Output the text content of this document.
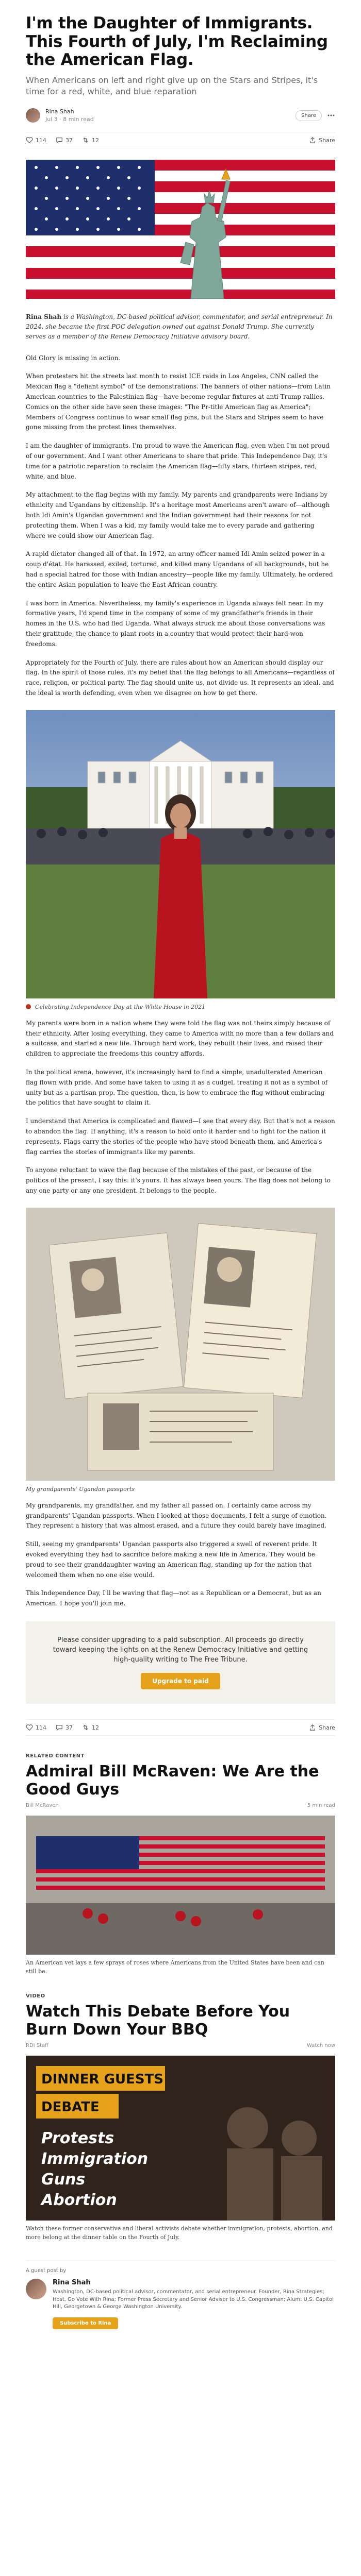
I'm the Daughter of Immigrants. This Fourth of July, I'm Reclaiming the American Flag.
When Americans on left and right give up on the Stars and Stripes, it's time for a red, white, and blue reparation
Rina Shah
Jul 3 · 8 min read
Share
114	37	12	Share
Rina Shah is a Washington, DC-based political advisor, commentator, and serial entrepreneur. In 2024, she became the first POC delegation owned out against Donald Trump. She currently serves as a member of the Renew Democracy Initiative advisory board.

Old Glory is missing in action.

When protesters hit the streets last month to resist ICE raids in Los Angeles, CNN called the Mexican flag a "defiant symbol" of the demonstrations. The banners of other nations—from Latin American countries to the Palestinian flag—have become regular fixtures at anti-Trump rallies. Comics on the other side have seen these images: "The Pr-title American flag as America"; Members of Congress continue to wear small flag pins, but the Stars and Stripes seem to have gone missing from the protest lines themselves.

I am the daughter of immigrants. I'm proud to wave the American flag, even when I'm not proud of our government. And I want other Americans to share that pride. This Independence Day, it's time for a patriotic reparation to reclaim the American flag—fifty stars, thirteen stripes, red, white, and blue.

My attachment to the flag begins with my family. My parents and grandparents were Indians by ethnicity and Ugandans by citizenship. It's a heritage most Americans aren't aware of—although both Idi Amin's Ugandan government and the Indian government had their reasons for not protecting them. When I was a kid, my family would take me to every parade and gathering where we could show our American flag.

A rapid dictator changed all of that. In 1972, an army officer named Idi Amin seized power in a coup d'état. He harassed, exiled, tortured, and killed many Ugandans of all backgrounds, but he had a special hatred for those with Indian ancestry—people like my family. Ultimately, he ordered the entire Asian population to leave the East African country.

I was born in America. Nevertheless, my family's experience in Uganda always felt near. In my formative years, I'd spend time in the company of some of my grandfather's friends in their homes in the U.S. who had fled Uganda. What always struck me about those conversations was their gratitude, the chance to plant roots in a country that would protect their hard-won freedoms.

Appropriately for the Fourth of July, there are rules about how an American should display our flag. In the spirit of those rules, it's my belief that the flag belongs to all Americans—regardless of race, religion, or political party. The flag should unite us, not divide us. It represents an ideal, and the ideal is worth defending, even when we disagree on how to get there.

Celebrating Independence Day at the White House in 2021

My parents were born in a nation where they were told the flag was not theirs simply because of their ethnicity. After losing everything, they came to America with no more than a few dollars and a suitcase, and started a new life. Through hard work, they rebuilt their lives, and raised their children to appreciate the freedoms this country affords.

In the political arena, however, it's increasingly hard to find a simple, unadulterated American flag flown with pride. And some have taken to using it as a cudgel, treating it not as a symbol of unity but as a partisan prop. The question, then, is how to embrace the flag without embracing the politics that have sought to claim it.

I understand that America is complicated and flawed—I see that every day. But that's not a reason to abandon the flag. If anything, it's a reason to hold onto it harder and to fight for the nation it represents. Flags carry the stories of the people who have stood beneath them, and America's flag carries the stories of immigrants like my parents.

To anyone reluctant to wave the flag because of the mistakes of the past, or because of the politics of the present, I say this: it's yours. It has always been yours. The flag does not belong to any one party or any one president. It belongs to the people.

My grandparents' Ugandan passports

My grandparents, my grandfather, and my father all passed on. I certainly came across my grandparents' Ugandan passports. When I looked at those documents, I felt a surge of emotion. They represent a history that was almost erased, and a future they could barely have imagined.

Still, seeing my grandparents' Ugandan passports also triggered a swell of reverent pride. It evoked everything they had to sacrifice before making a new life in America. They would be proud to see their granddaughter waving an American flag, standing up for the nation that welcomed them when no one else would.

This Independence Day, I'll be waving that flag—not as a Republican or a Democrat, but as an American. I hope you'll join me.

Please consider upgrading to a paid subscription. All proceeds go directly toward keeping the lights on at the Renew Democracy Initiative and getting high-quality writing to The Free Tribune.

Upgrade to paid
114	37	12	Share
RELATED CONTENT
Admiral Bill McRaven: We Are the Good Guys
Bill McRaven	5 min read
An American vet lays a few sprays of roses where Americans from the United States have been and can still be.
VIDEO
Watch This Debate Before You Burn Down Your BBQ
RDI Staff	Watch now
DINNER GUESTS
DEBATE
Protests
Immigration
Guns
Abortion
Watch these former conservative and liberal activists debate whether immigration, protests, abortion, and more belong at the dinner table on the Fourth of July.
A guest post by
Rina Shah
Washington, DC-based political advisor, commentator, and serial entrepreneur. Founder, Rina Strategies; Host, Go Vote With Rina; Former Press Secretary and Senior Advisor to U.S. Congressman; Alum: U.S. Capitol Hill, Georgetown & George Washington University.
Subscribe to Rina
